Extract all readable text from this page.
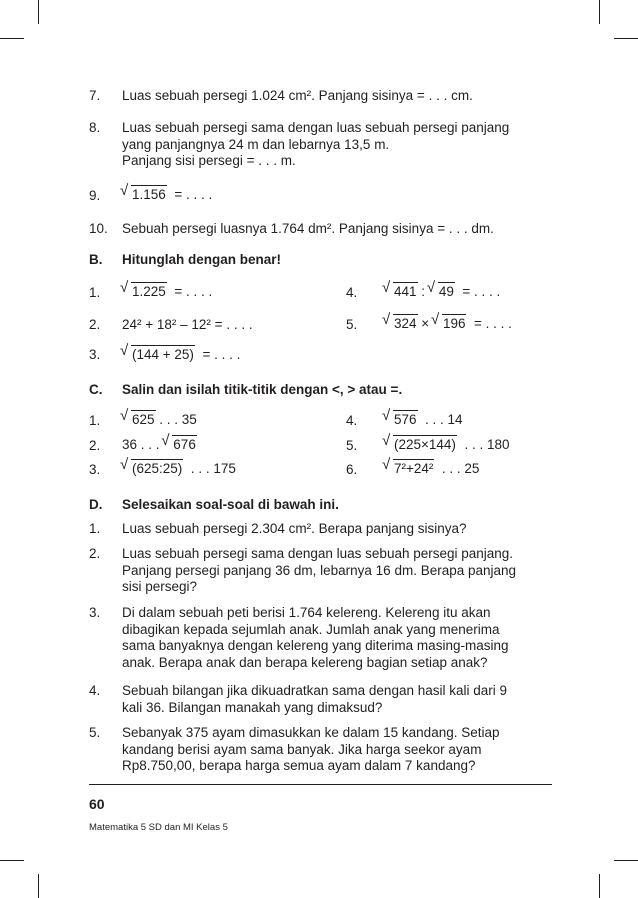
7. Luas sebuah persegi 1.024 cm². Panjang sisinya = . . . cm.
8. Luas sebuah persegi sama dengan luas sebuah persegi panjang
yang panjangnya 24 m dan lebarnya 13,5 m.
Panjang sisi persegi = . . . m.
9.	√ 1.156 = . . . .
10. Sebuah persegi luasnya 1.764 dm². Panjang sisinya = . . . dm.
B. Hitunglah dengan benar!
1.	√ 1.225 = . . . .	4.	√ 441 : √ 49 = . . . .
2. 24² + 18² – 12² = . . . .	5.	√ 324 × √ 196 = . . . .
3.	√ (144 + 25) = . . . .
C. Salin dan isilah titik-titik dengan <, > atau =.
1.	√ 625 . . . 35	4.	√ 576 . . . 14
2. 36 . . . √ 676	5.	√ (225×144) . . . 180
3.	√ (625:25) . . . 175	6.	√ 7²+24² . . . 25
D. Selesaikan soal-soal di bawah ini.
1. Luas sebuah persegi 2.304 cm². Berapa panjang sisinya?
2. Luas sebuah persegi sama dengan luas sebuah persegi panjang.
Panjang persegi panjang 36 dm, lebarnya 16 dm. Berapa panjang
sisi persegi?
3. Di dalam sebuah peti berisi 1.764 kelereng. Kelereng itu akan
dibagikan kepada sejumlah anak. Jumlah anak yang menerima
sama banyaknya dengan kelereng yang diterima masing-masing
anak. Berapa anak dan berapa kelereng bagian setiap anak?
4. Sebuah bilangan jika dikuadratkan sama dengan hasil kali dari 9
kali 36. Bilangan manakah yang dimaksud?
5. Sebanyak 375 ayam dimasukkan ke dalam 15 kandang. Setiap
kandang berisi ayam sama banyak. Jika harga seekor ayam
Rp8.750,00, berapa harga semua ayam dalam 7 kandang?
60
Matematika 5 SD dan MI Kelas 5
